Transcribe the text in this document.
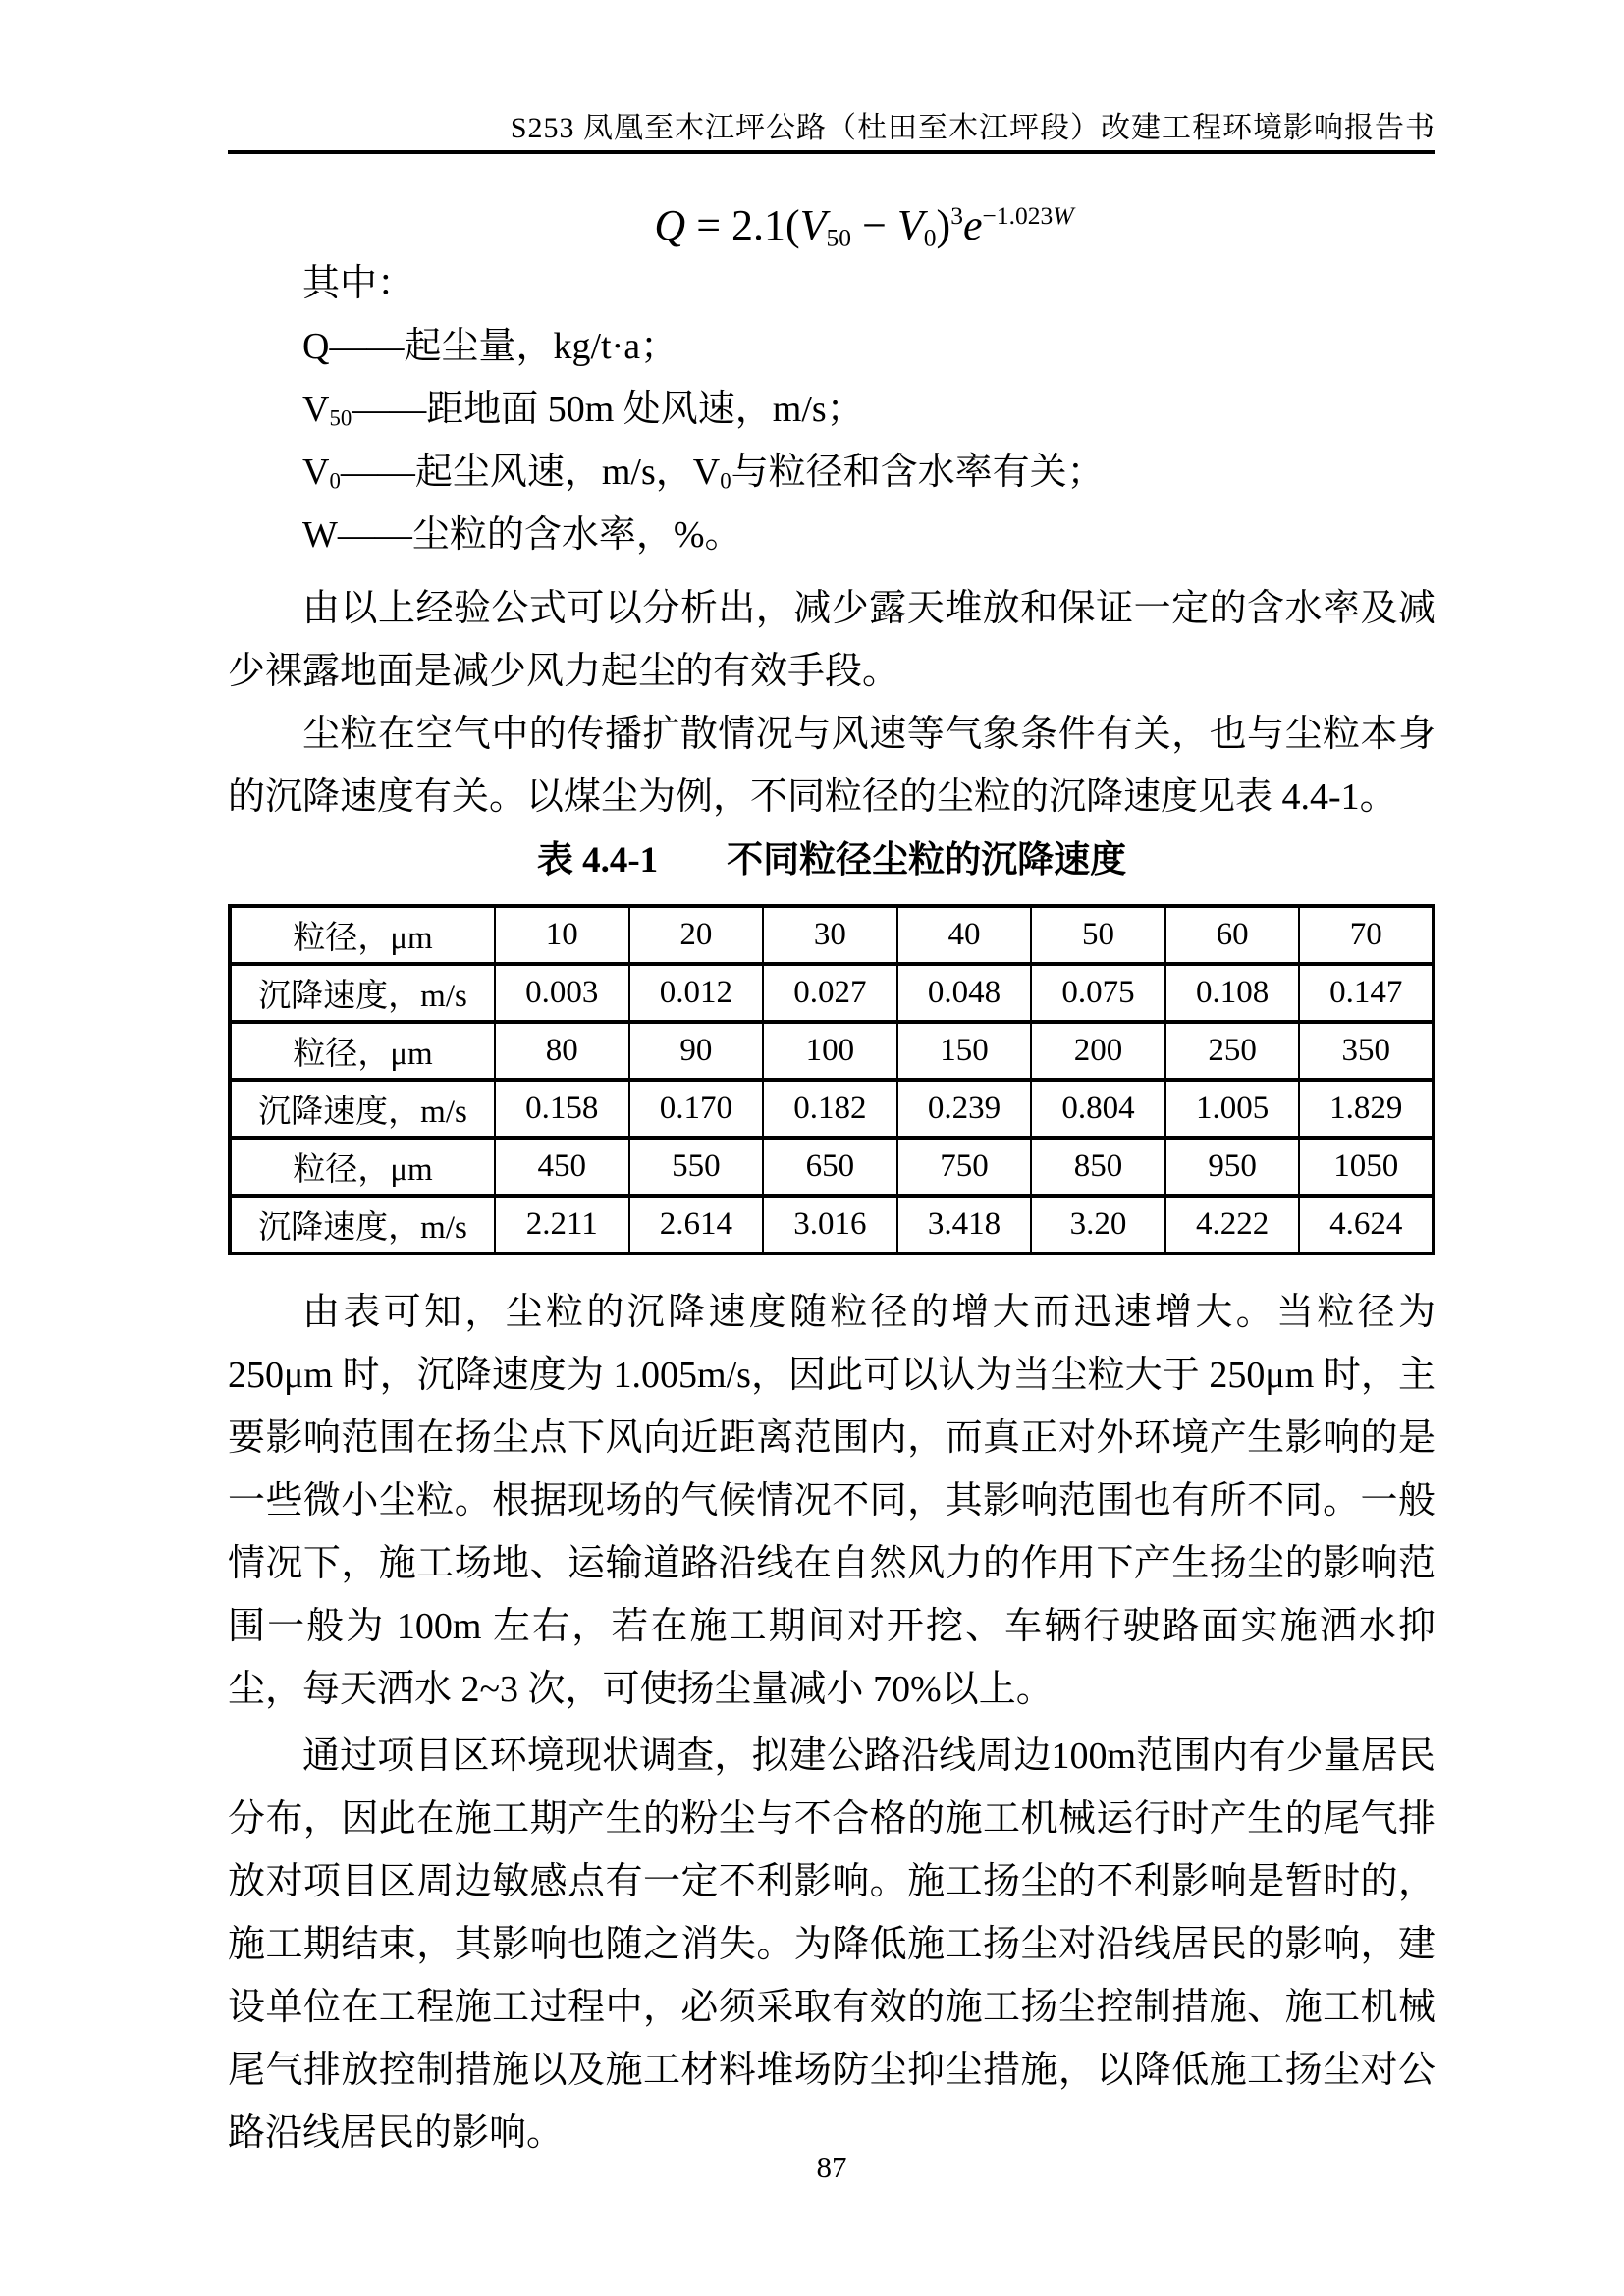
S253 凤凰至木江坪公路（杜田至木江坪段）改建工程环境影响报告书
$Q = 2.1(V_{50} - V_0)^3e^{-1.023W}$

其中：

Q——起尘量，kg/t·a；

$V_{50}——$距地面 50m 处风速，m/s；

$V_0——$起尘风速，m/s，$V_0$与粒径和含水率有关；

W——尘粒的含水率，%。

由以上经验公式可以分析出，减少露天堆放和保证一定的含水率及减少裸露地面是减少风力起尘的有效手段。

尘粒在空气中的传播扩散情况与风速等气象条件有关，也与尘粒本身的沉降速度有关。以煤尘为例，不同粒径的尘粒的沉降速度见表 4.4-1。

表 4.4-1 不同粒径尘粒的沉降速度
粒径，μm	10	20	30	40	50	60	70
沉降速度，m/s	0.003	0.012	0.027	0.048	0.075	0.108	0.147
粒径，μm	80	90	100	150	200	250	350
沉降速度，m/s	0.158	0.170	0.182	0.239	0.804	1.005	1.829
粒径，μm	450	550	650	750	850	950	1050
沉降速度，m/s	2.211	2.614	3.016	3.418	3.20	4.222	4.624

由表可知，尘粒的沉降速度随粒径的增大而迅速增大。当粒径为 250μm 时，沉降速度为 1.005m/s，因此可以认为当尘粒大于 250μm 时，主要影响范围在扬尘点下风向近距离范围内，而真正对外环境产生影响的是一些微小尘粒。根据现场的气候情况不同，其影响范围也有所不同。一般情况下，施工场地、运输道路沿线在自然风力的作用下产生扬尘的影响范围一般为 100m 左右，若在施工期间对开挖、车辆行驶路面实施洒水抑尘，每天洒水 2~3 次，可使扬尘量减小 70%以上。

通过项目区环境现状调查，拟建公路沿线周边100m范围内有少量居民分布，因此在施工期产生的粉尘与不合格的施工机械运行时产生的尾气排放对项目区周边敏感点有一定不利影响。施工扬尘的不利影响是暂时的，施工期结束，其影响也随之消失。为降低施工扬尘对沿线居民的影响，建设单位在工程施工过程中，必须采取有效的施工扬尘控制措施、施工机械尾气排放控制措施以及施工材料堆场防尘抑尘措施，以降低施工扬尘对公路沿线居民的影响。

87
